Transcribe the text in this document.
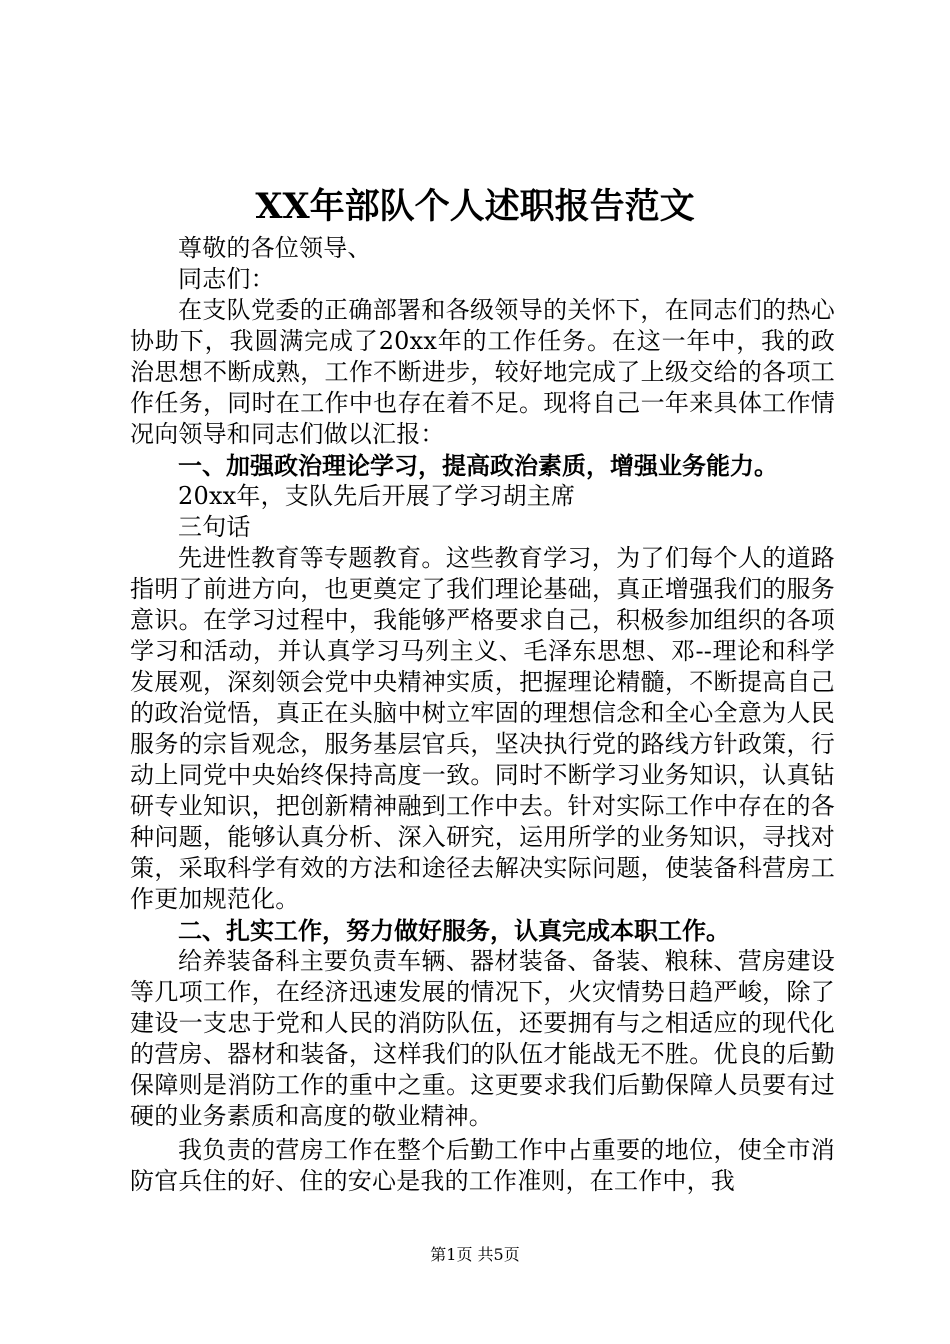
XX年部队个人述职报告范文

尊敬的各位领导、

同志们：

在支队党委的正确部署和各级领导的关怀下，在同志们的热心协助下，我圆满完成了20xx年的工作任务。在这一年中，我的政治思想不断成熟，工作不断进步，较好地完成了上级交给的各项工作任务，同时在工作中也存在着不足。现将自己一年来具体工作情况向领导和同志们做以汇报：

一、加强政治理论学习，提高政治素质，增强业务能力。

20xx年，支队先后开展了学习胡主席

三句话

先进性教育等专题教育。这些教育学习，为了们每个人的道路指明了前进方向，也更奠定了我们理论基础，真正增强我们的服务意识。在学习过程中，我能够严格要求自己，积极参加组织的各项学习和活动，并认真学习马列主义、毛泽东思想、邓--理论和科学发展观，深刻领会党中央精神实质，把握理论精髓，不断提高自己的政治觉悟，真正在头脑中树立牢固的理想信念和全心全意为人民服务的宗旨观念，服务基层官兵，坚决执行党的路线方针政策，行动上同党中央始终保持高度一致。同时不断学习业务知识，认真钻研专业知识，把创新精神融到工作中去。针对实际工作中存在的各种问题，能够认真分析、深入研究，运用所学的业务知识，寻找对策，采取科学有效的方法和途径去解决实际问题，使装备科营房工作更加规范化。

二、扎实工作，努力做好服务，认真完成本职工作。

给养装备科主要负责车辆、器材装备、备装、粮秣、营房建设等几项工作，在经济迅速发展的情况下，火灾情势日趋严峻，除了建设一支忠于党和人民的消防队伍，还要拥有与之相适应的现代化的营房、器材和装备，这样我们的队伍才能战无不胜。优良的后勤保障则是消防工作的重中之重。这更要求我们后勤保障人员要有过硬的业务素质和高度的敬业精神。

我负责的营房工作在整个后勤工作中占重要的地位，使全市消防官兵住的好、住的安心是我的工作准则，在工作中，我

第1页 共5页
